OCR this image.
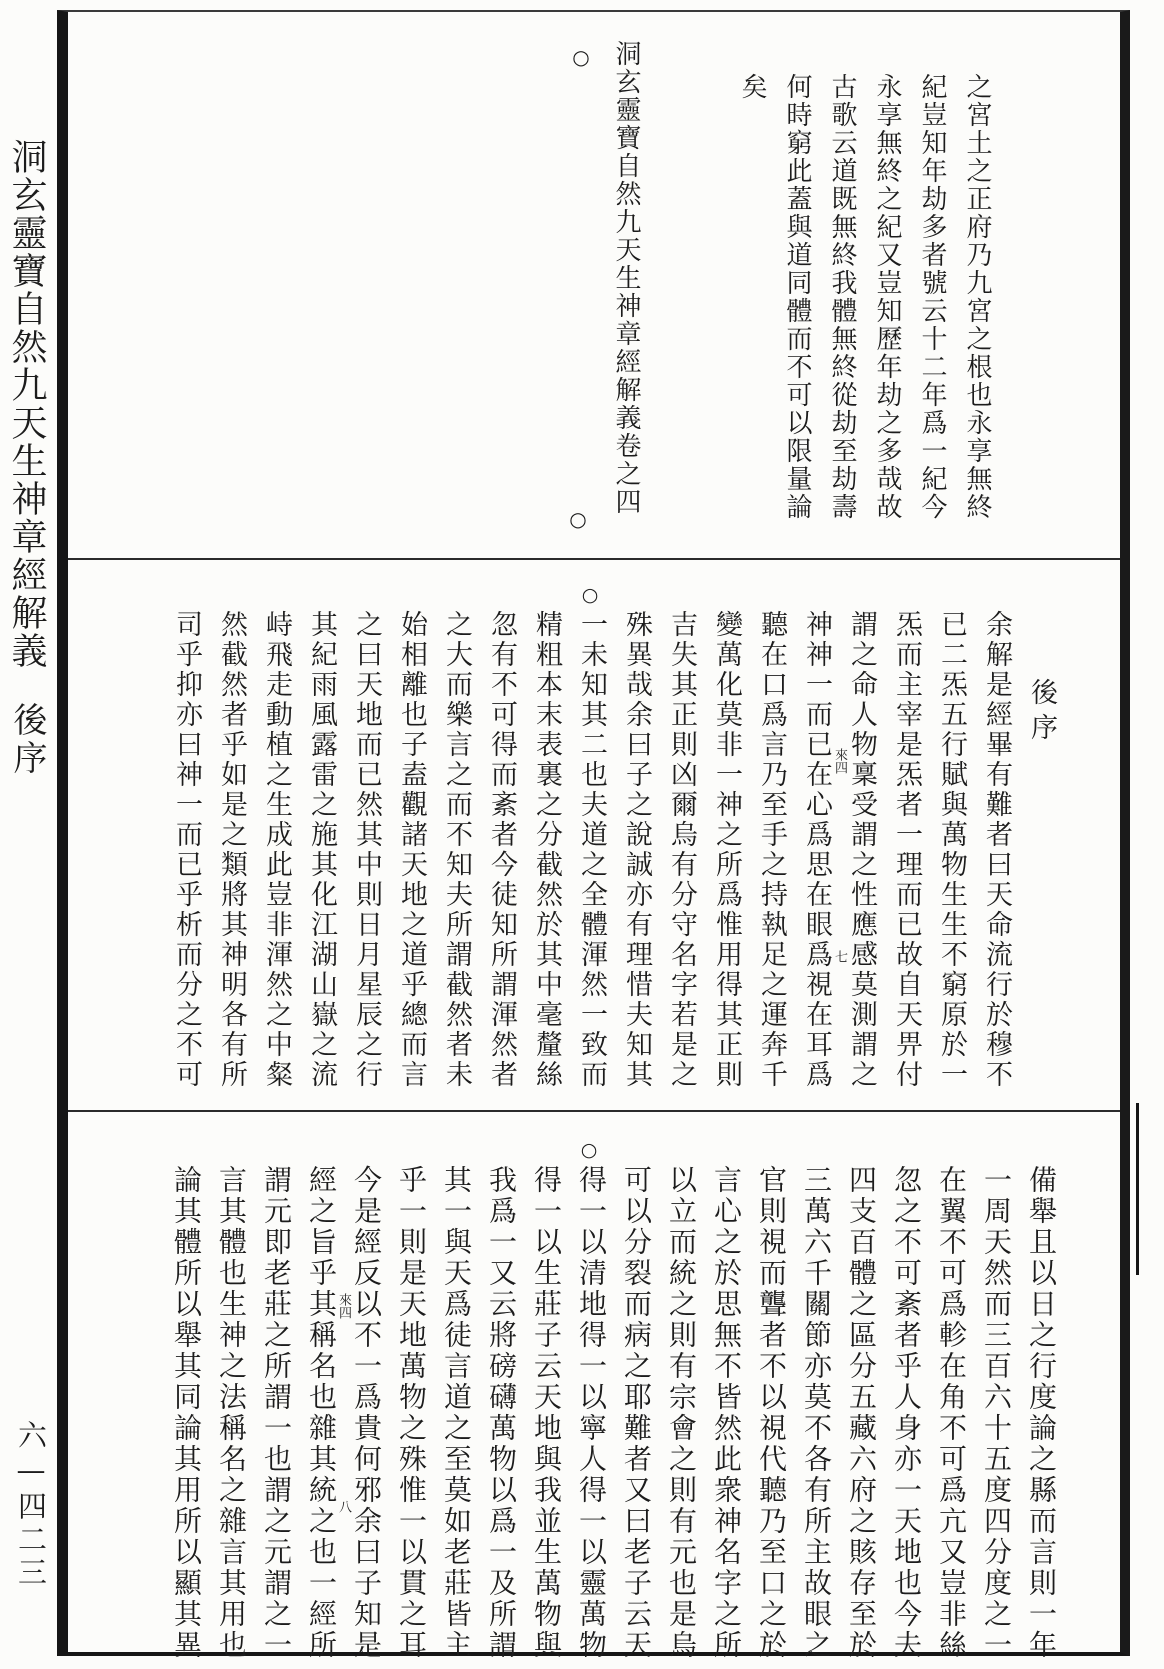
洞玄靈寶自然九天生神章經解義
後序
六—四二三
之宮土之正府乃九宮之根也永享無終
紀豈知年劫多者號云十二年爲一紀今
永享無終之紀又豈知歷年劫之多哉故
古歌云道既無終我體無終從劫至劫壽
何時窮此蓋與道同體而不可以限量論
矣
洞玄靈寶自然九天生神章經解義卷之四
○
○
後序
余解是經畢有難者曰天命流行於穆不
已二炁五行賦與萬物生生不窮原於一
炁而主宰是炁者一理而已故自天畀付
謂之命人物稟受謂之性應感莫測謂之
來四
七
神神一而已在心爲思在眼爲視在耳爲
聽在口爲言乃至手之持執足之運奔千
變萬化莫非一神之所爲惟用得其正則
吉失其正則凶爾烏有分守名字若是之
殊異哉余曰子之說誠亦有理惜夫知其
○
一未知其二也夫道之全體渾然一致而
精粗本末表裏之分截然於其中毫釐絲
忽有不可得而紊者今徒知所謂渾然者
之大而樂言之而不知夫所謂截然者未
始相離也子盍觀諸天地之道乎總而言
之曰天地而已然其中則日月星辰之行
其紀雨風露雷之施其化江湖山嶽之流
峙飛走動植之生成此豈非渾然之中粲
然截然者乎如是之類將其神明各有所
司乎抑亦曰神一而已乎析而分之不可
備舉且以日之行度論之縣而言則一年
一周天然而三百六十五度四分度之一
在翼不可爲軫在角不可爲亢又豈非絲
忽之不可紊者乎人身亦一天地也今夫
四支百體之區分五藏六府之賅存至於
三萬六千關節亦莫不各有所主故眼之
官則視而聾者不以視代聽乃至口之於
言心之於思無不皆然此衆神名字之所
以立而統之則有宗會之則有元也是烏
可以分裂而病之耶難者又曰老子云天
○
得一以清地得一以寧人得一以靈萬物
得一以生莊子云天地與我並生萬物與
我爲一又云將磅礴萬物以爲一及所謂
其一與天爲徒言道之至莫如老莊皆主
乎一則是天地萬物之殊惟一以貫之耳
今是經反以不一爲貴何邪余曰子知是
來四
八
經之旨乎其稱名也雜其統之也一經所
謂元即老莊之所謂一也謂之元謂之一
言其體也生神之法稱名之雜言其用也
論其體所以舉其同論其用所以顯其異
